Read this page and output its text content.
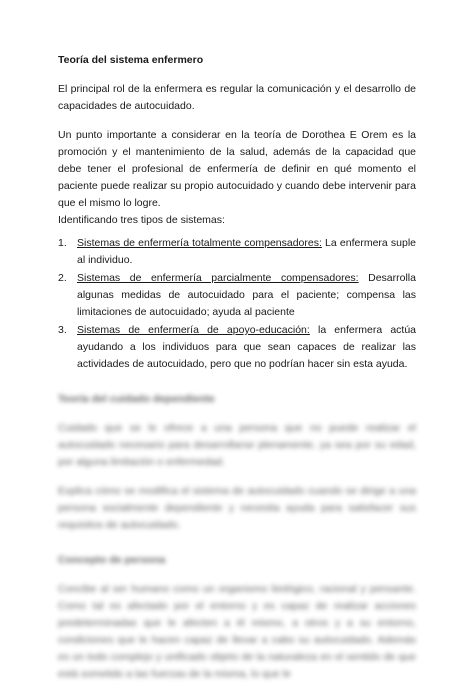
Teoría del sistema enfermero

El principal rol de la enfermera es regular la comunicación y el desarrollo de capacidades de autocuidado.

Un punto importante a considerar en la teoría de Dorothea E Orem es la promoción y el mantenimiento de la salud, además de la capacidad que debe tener el profesional de enfermería de definir en qué momento el paciente puede realizar su propio autocuidado y cuando debe intervenir para que el mismo lo logre.

Identificando tres tipos de sistemas:

1. Sistemas de enfermería totalmente compensadores: La enfermera suple al individuo.
2. Sistemas de enfermería parcialmente compensadores: Desarrolla algunas medidas de autocuidado para el paciente; compensa las limitaciones de autocuidado; ayuda al paciente
3. Sistemas de enfermería de apoyo-educación: la enfermera actúa ayudando a los individuos para que sean capaces de realizar las actividades de autocuidado, pero que no podrían hacer sin esta ayuda.

Teoría del cuidado dependiente

Cuidado que se le ofrece a una persona que no puede realizar el autocuidado necesario para desarrollarse plenamente, ya sea por su edad, por alguna limitación o enfermedad.

Explica cómo se modifica el sistema de autocuidado cuando se dirige a una persona socialmente dependiente y necesita ayuda para satisfacer sus requisitos de autocuidado.

Concepto de persona

Concibe al ser humano como un organismo biológico, racional y pensante. Como tal es afectado por el entorno y es capaz de realizar acciones predeterminadas que le afecten a él mismo, a otros y a su entorno, condiciones que le hacen capaz de llevar a cabo su autocuidado. Además es un todo complejo y unificado objeto de la naturaleza en el sentido de que está sometido a las fuerzas de la misma, lo que le
